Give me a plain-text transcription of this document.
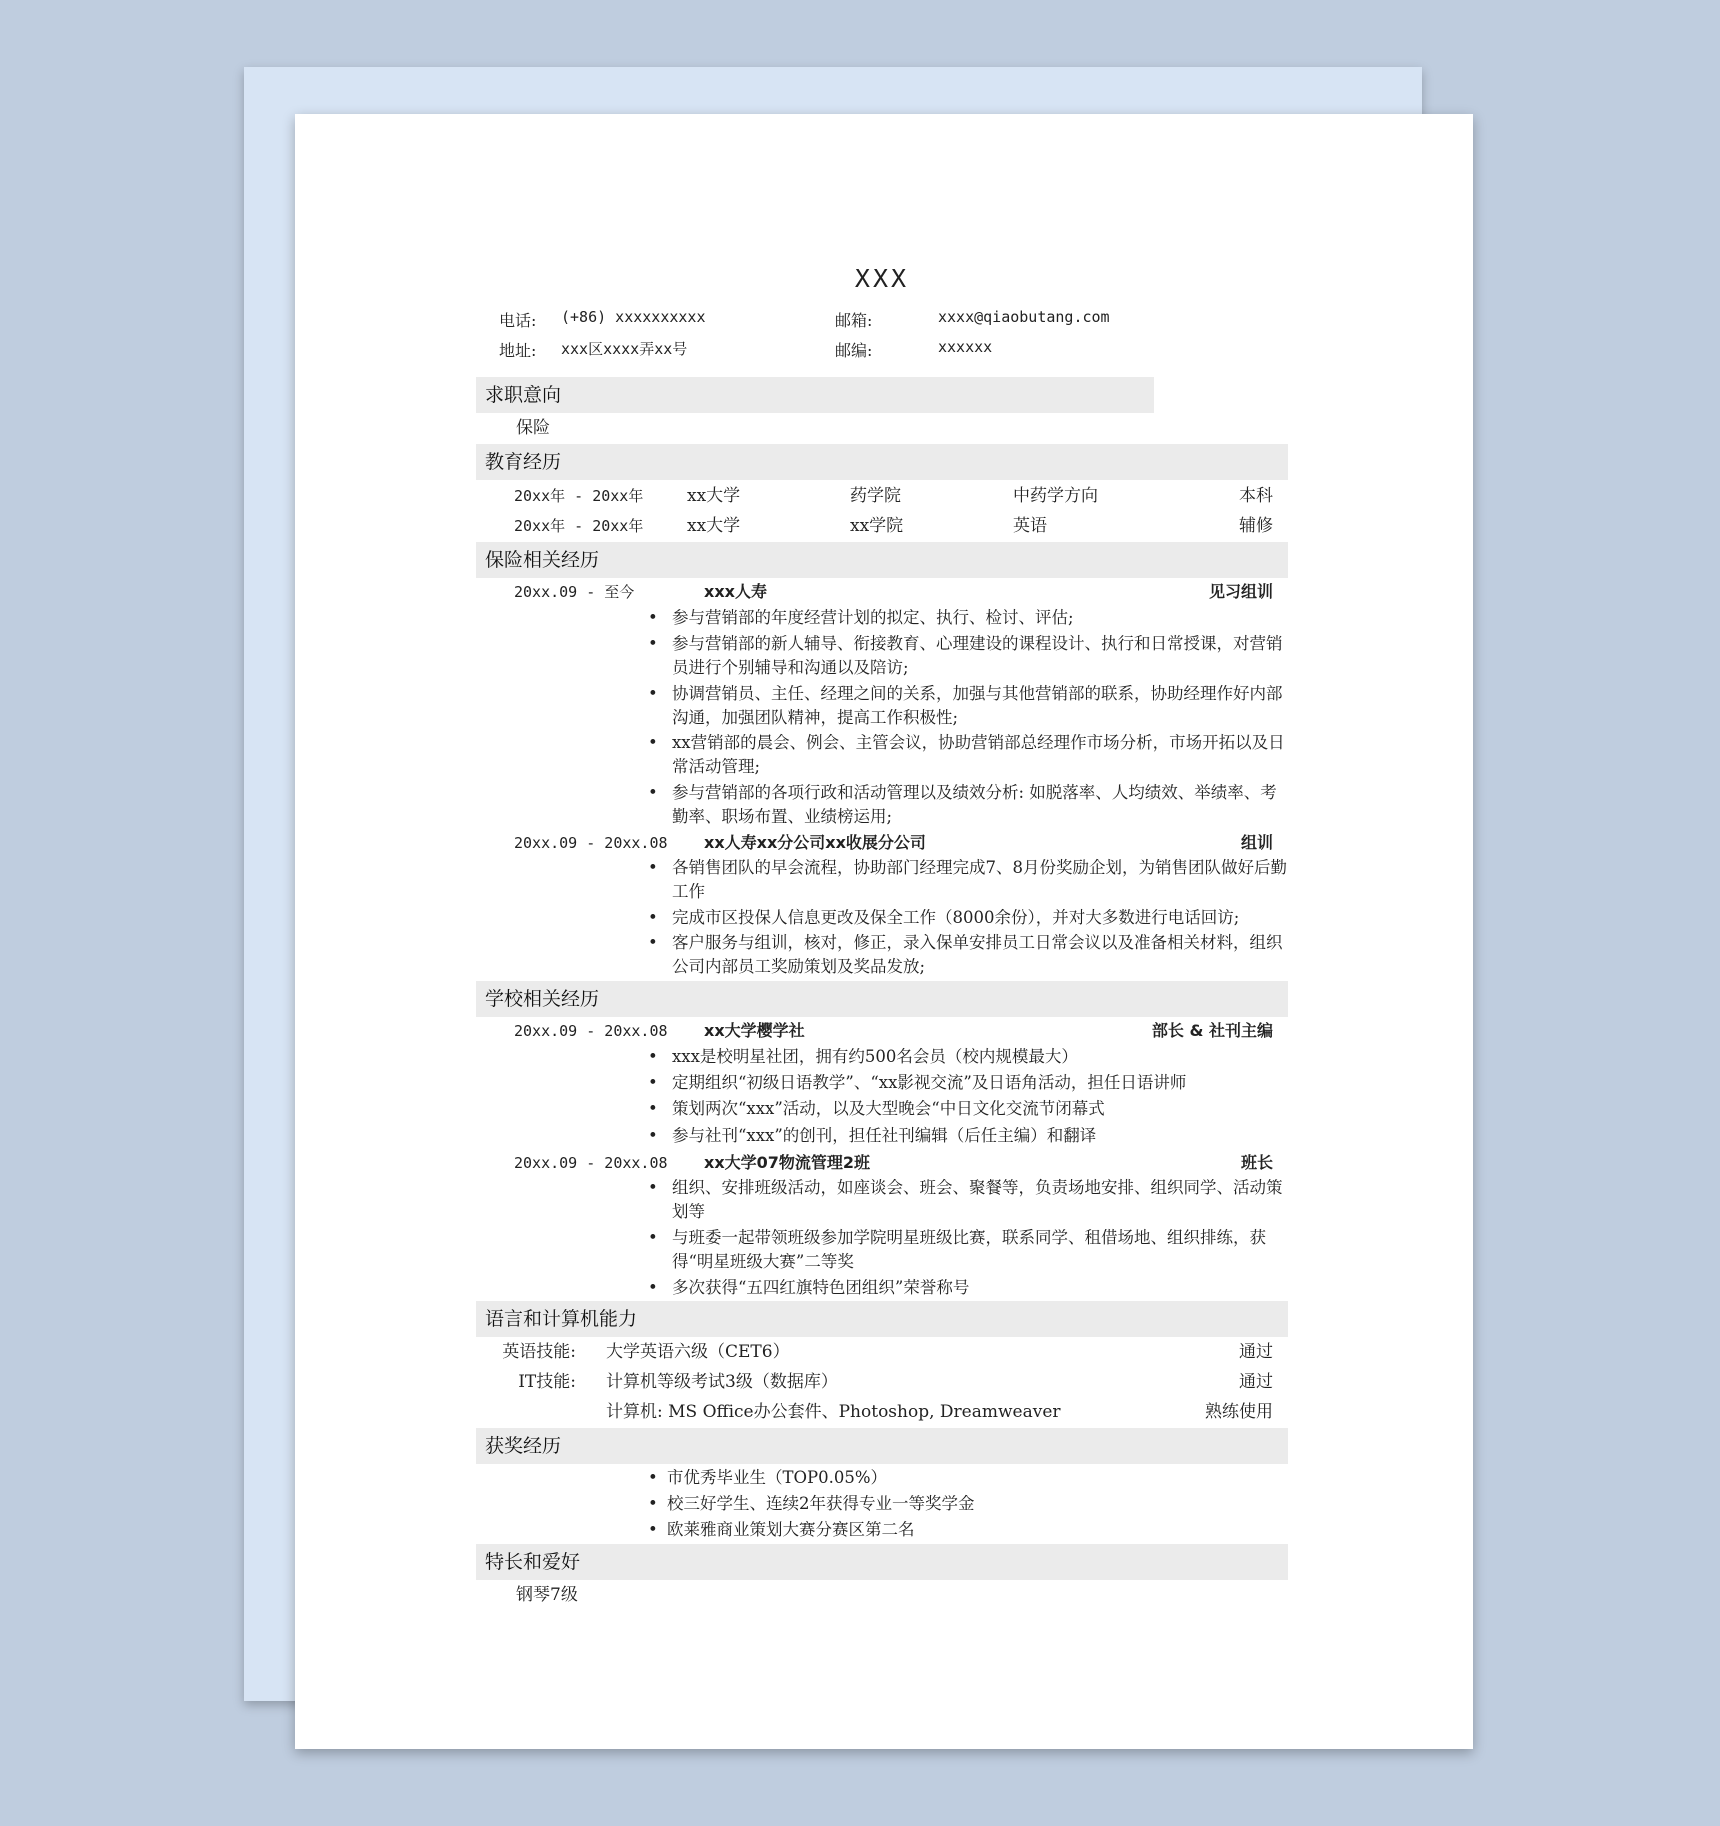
XXX
电话: (+86) xxxxxxxxxx	邮箱:	xxxx@qiaobutang.com
地址: xxx区xxxx弄xx号	邮编:	xxxxxx
求职意向
保险
教育经历
20xx年 - 20xx年	xx大学	药学院	中药学方向	本科
20xx年 - 20xx年	xx大学	xx学院	英语	辅修
保险相关经历
20xx.09 - 至今	xxx人寿	见习组训
• 参与营销部的年度经营计划的拟定、执行、检讨、评估;
• 参与营销部的新人辅导、衔接教育、心理建设的课程设计、执行和日常授课，对营销员进行个别辅导和沟通以及陪访;
• 协调营销员、主任、经理之间的关系，加强与其他营销部的联系，协助经理作好内部沟通，加强团队精神，提高工作积极性;
• xx营销部的晨会、例会、主管会议，协助营销部总经理作市场分析，市场开拓以及日常活动管理;
• 参与营销部的各项行政和活动管理以及绩效分析: 如脱落率、人均绩效、举绩率、考勤率、职场布置、业绩榜运用;
20xx.09 - 20xx.08 xx人寿xx分公司xx收展分公司	组训
• 各销售团队的早会流程，协助部门经理完成7、8月份奖励企划，为销售团队做好后勤工作
• 完成市区投保人信息更改及保全工作（8000余份），并对大多数进行电话回访;
• 客户服务与组训，核对，修正，录入保单安排员工日常会议以及准备相关材料，组织公司内部员工奖励策划及奖品发放;
学校相关经历
20xx.09 - 20xx.08 xx大学樱学社	部长 & 社刊主编
• xxx是校明星社团，拥有约500名会员（校内规模最大）
• 定期组织“初级日语教学”、“xx影视交流”及日语角活动，担任日语讲师
• 策划两次“xxx”活动，以及大型晚会“中日文化交流节闭幕式
• 参与社刊“xxx”的创刊，担任社刊编辑（后任主编）和翻译
20xx.09 - 20xx.08 xx大学07物流管理2班	班长
• 组织、安排班级活动，如座谈会、班会、聚餐等，负责场地安排、组织同学、活动策划等
• 与班委一起带领班级参加学院明星班级比赛，联系同学、租借场地、组织排练，获得“明星班级大赛”二等奖
• 多次获得“五四红旗特色团组织”荣誉称号
语言和计算机能力
英语技能: 大学英语六级（CET6）	通过
IT技能: 计算机等级考试3级（数据库）	通过
计算机: MS Office办公套件、Photoshop, Dreamweaver	熟练使用
获奖经历
• 市优秀毕业生（TOP0.05%）
• 校三好学生、连续2年获得专业一等奖学金
• 欧莱雅商业策划大赛分赛区第二名
特长和爱好
钢琴7级
